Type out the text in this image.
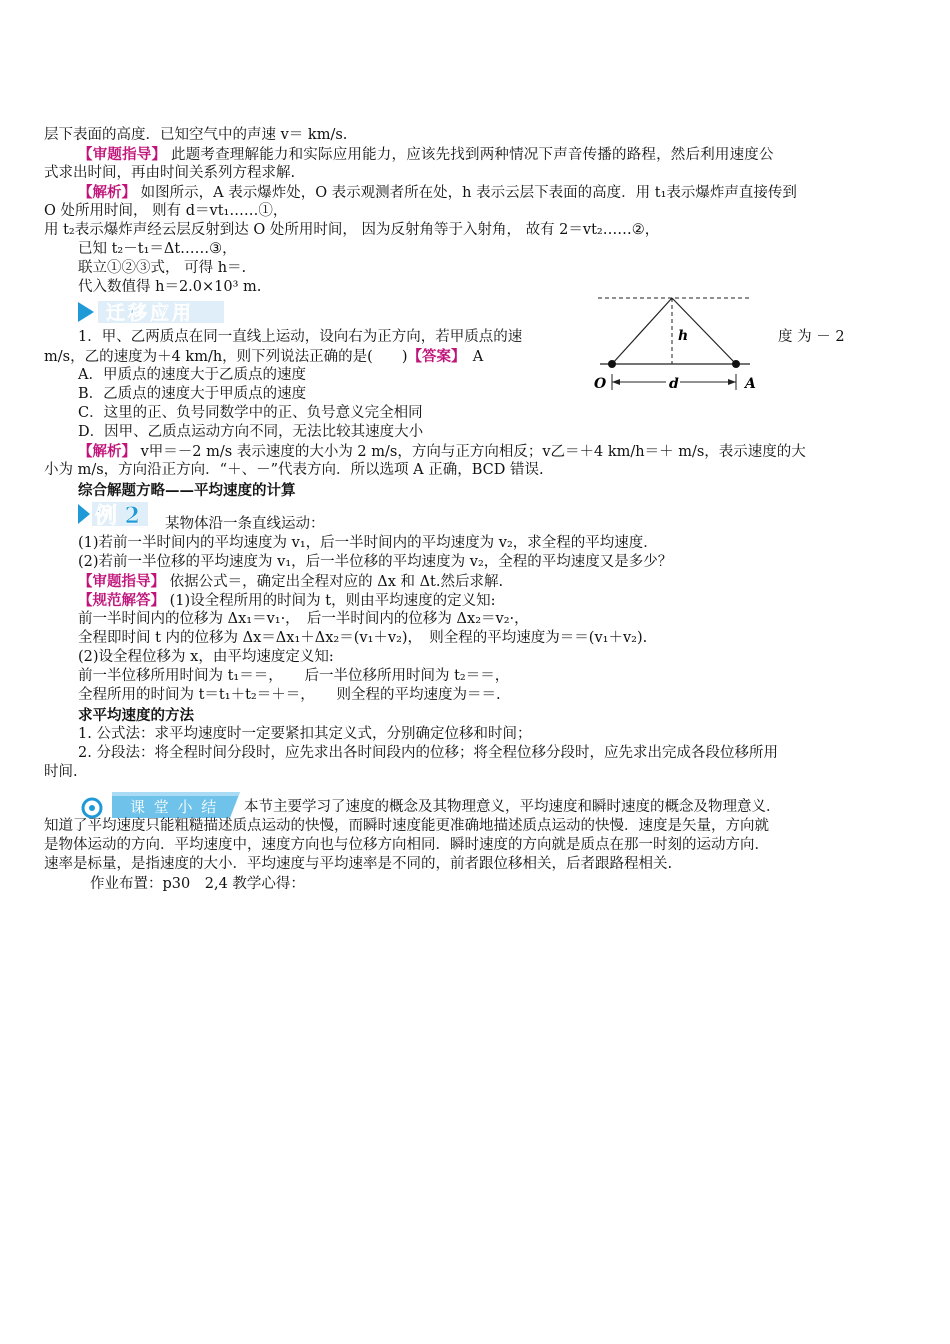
层下表面的高度．已知空气中的声速 v＝ km/s.
【审题指导】 此题考查理解能力和实际应用能力，应该先找到两种情况下声音传播的路程，然后利用速度公
式求出时间，再由时间关系列方程求解.
【解析】 如图所示，A 表示爆炸处，O 表示观测者所在处，h 表示云层下表面的高度．用 t₁表示爆炸声直接传到
O 处所用时间， 则有 d＝vt₁……①，
用 t₂表示爆炸声经云层反射到达 O 处所用时间， 因为反射角等于入射角， 故有 2＝vt₂……②，
已知 t₂－t₁＝Δt……③，
联立①②③式， 可得 h＝.
代入数值得 h＝2.0×10³ m.
迁移应用
h
O	A
d
1．甲、乙两质点在同一直线上运动，设向右为正方向，若甲质点的速	度 为 － 2
m/s，乙的速度为＋4 km/h，则下列说法正确的是(　　)【答案】　A
A．甲质点的速度大于乙质点的速度
B．乙质点的速度大于甲质点的速度
C．这里的正、负号同数学中的正、负号意义完全相同
D．因甲、乙质点运动方向不同，无法比较其速度大小
【解析】 v甲＝－2 m/s 表示速度的大小为 2 m/s，方向与正方向相反；v乙＝＋4 km/h＝＋ m/s，表示速度的大
小为 m/s，方向沿正方向．“＋、－”代表方向．所以选项 A 正确，BCD 错误.
综合解题方略——平均速度的计算
例 2 某物体沿一条直线运动：
(1)若前一半时间内的平均速度为 v₁，后一半时间内的平均速度为 v₂，求全程的平均速度．
(2)若前一半位移的平均速度为 v₁，后一半位移的平均速度为 v₂，全程的平均速度又是多少？
【审题指导】 依据公式＝，确定出全程对应的 Δx 和 Δt.然后求解.
【规范解答】 (1)设全程所用的时间为 t，则由平均速度的定义知:
前一半时间内的位移为 Δx₁＝v₁·，　后一半时间内的位移为 Δx₂＝v₂·，
全程即时间 t 内的位移为 Δx＝Δx₁＋Δx₂＝(v₁＋v₂)，　则全程的平均速度为＝＝(v₁＋v₂).
(2)设全程位移为 x，由平均速度定义知:
前一半位移所用时间为 t₁＝＝，　　后一半位移所用时间为 t₂＝＝，
全程所用的时间为 t＝t₁＋t₂＝＋＝，　　则全程的平均速度为＝＝.
求平均速度的方法
1. 公式法：求平均速度时一定要紧扣其定义式，分别确定位移和时间；
2. 分段法：将全程时间分段时，应先求出各时间段内的位移；将全程位移分段时，应先求出完成各段位移所用
时间.
课 堂 小 结 本节主要学习了速度的概念及其物理意义，平均速度和瞬时速度的概念及物理意义．
知道了平均速度只能粗糙描述质点运动的快慢，而瞬时速度能更准确地描述质点运动的快慢．速度是矢量，方向就
是物体运动的方向．平均速度中，速度方向也与位移方向相同．瞬时速度的方向就是质点在那一时刻的运动方向．
速率是标量，是指速度的大小．平均速度与平均速率是不同的，前者跟位移相关，后者跟路程相关.
作业布置：p30　2,4 教学心得：
